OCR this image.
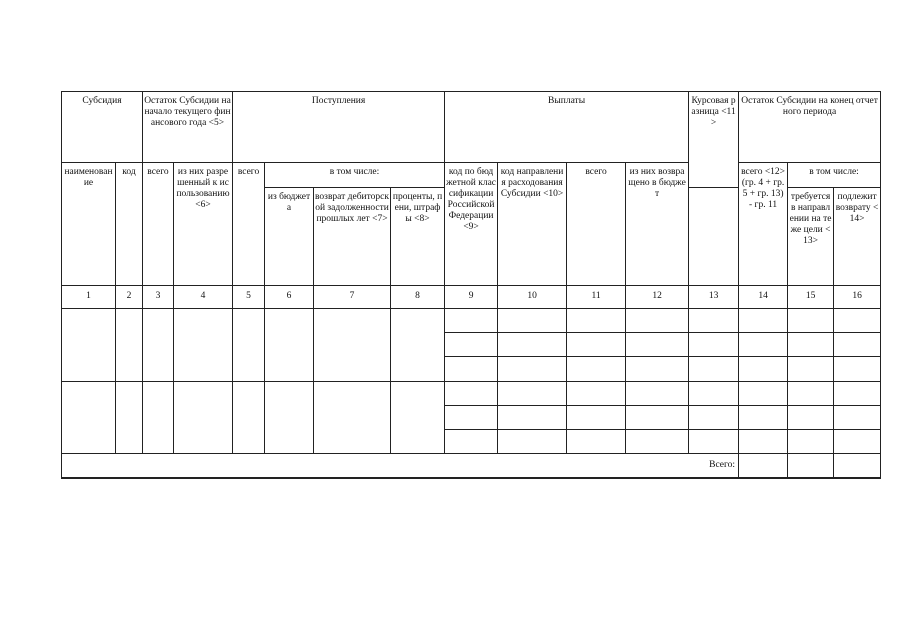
Субсидия		Остаток Субсидии на начало текущего финансового года <5>		Поступления				Выплаты				Курсовая разница <11>	Остаток Субсидии на конец отчетного периода		
наименование	код	всего	из них разрешенный к использованию <6>	всего	в том числе:			код по бюджетной классификации Российской Федерации <9>	код направления расходования Субсидии <10>	всего	из них возвращено в бюджет		всего <12> (гр. 4 + гр. 5 + гр. 13) - гр. 11	в том числе:	
					из бюджета	возврат дебиторской задолженности прошлых лет <7>	проценты, пени, штрафы <8>							требуется в направлении на те же цели <13>	подлежит возврату <14>
1	2	3	4	5	6	7	8	9	10	11	12	13	14	15	16

Всего:															
